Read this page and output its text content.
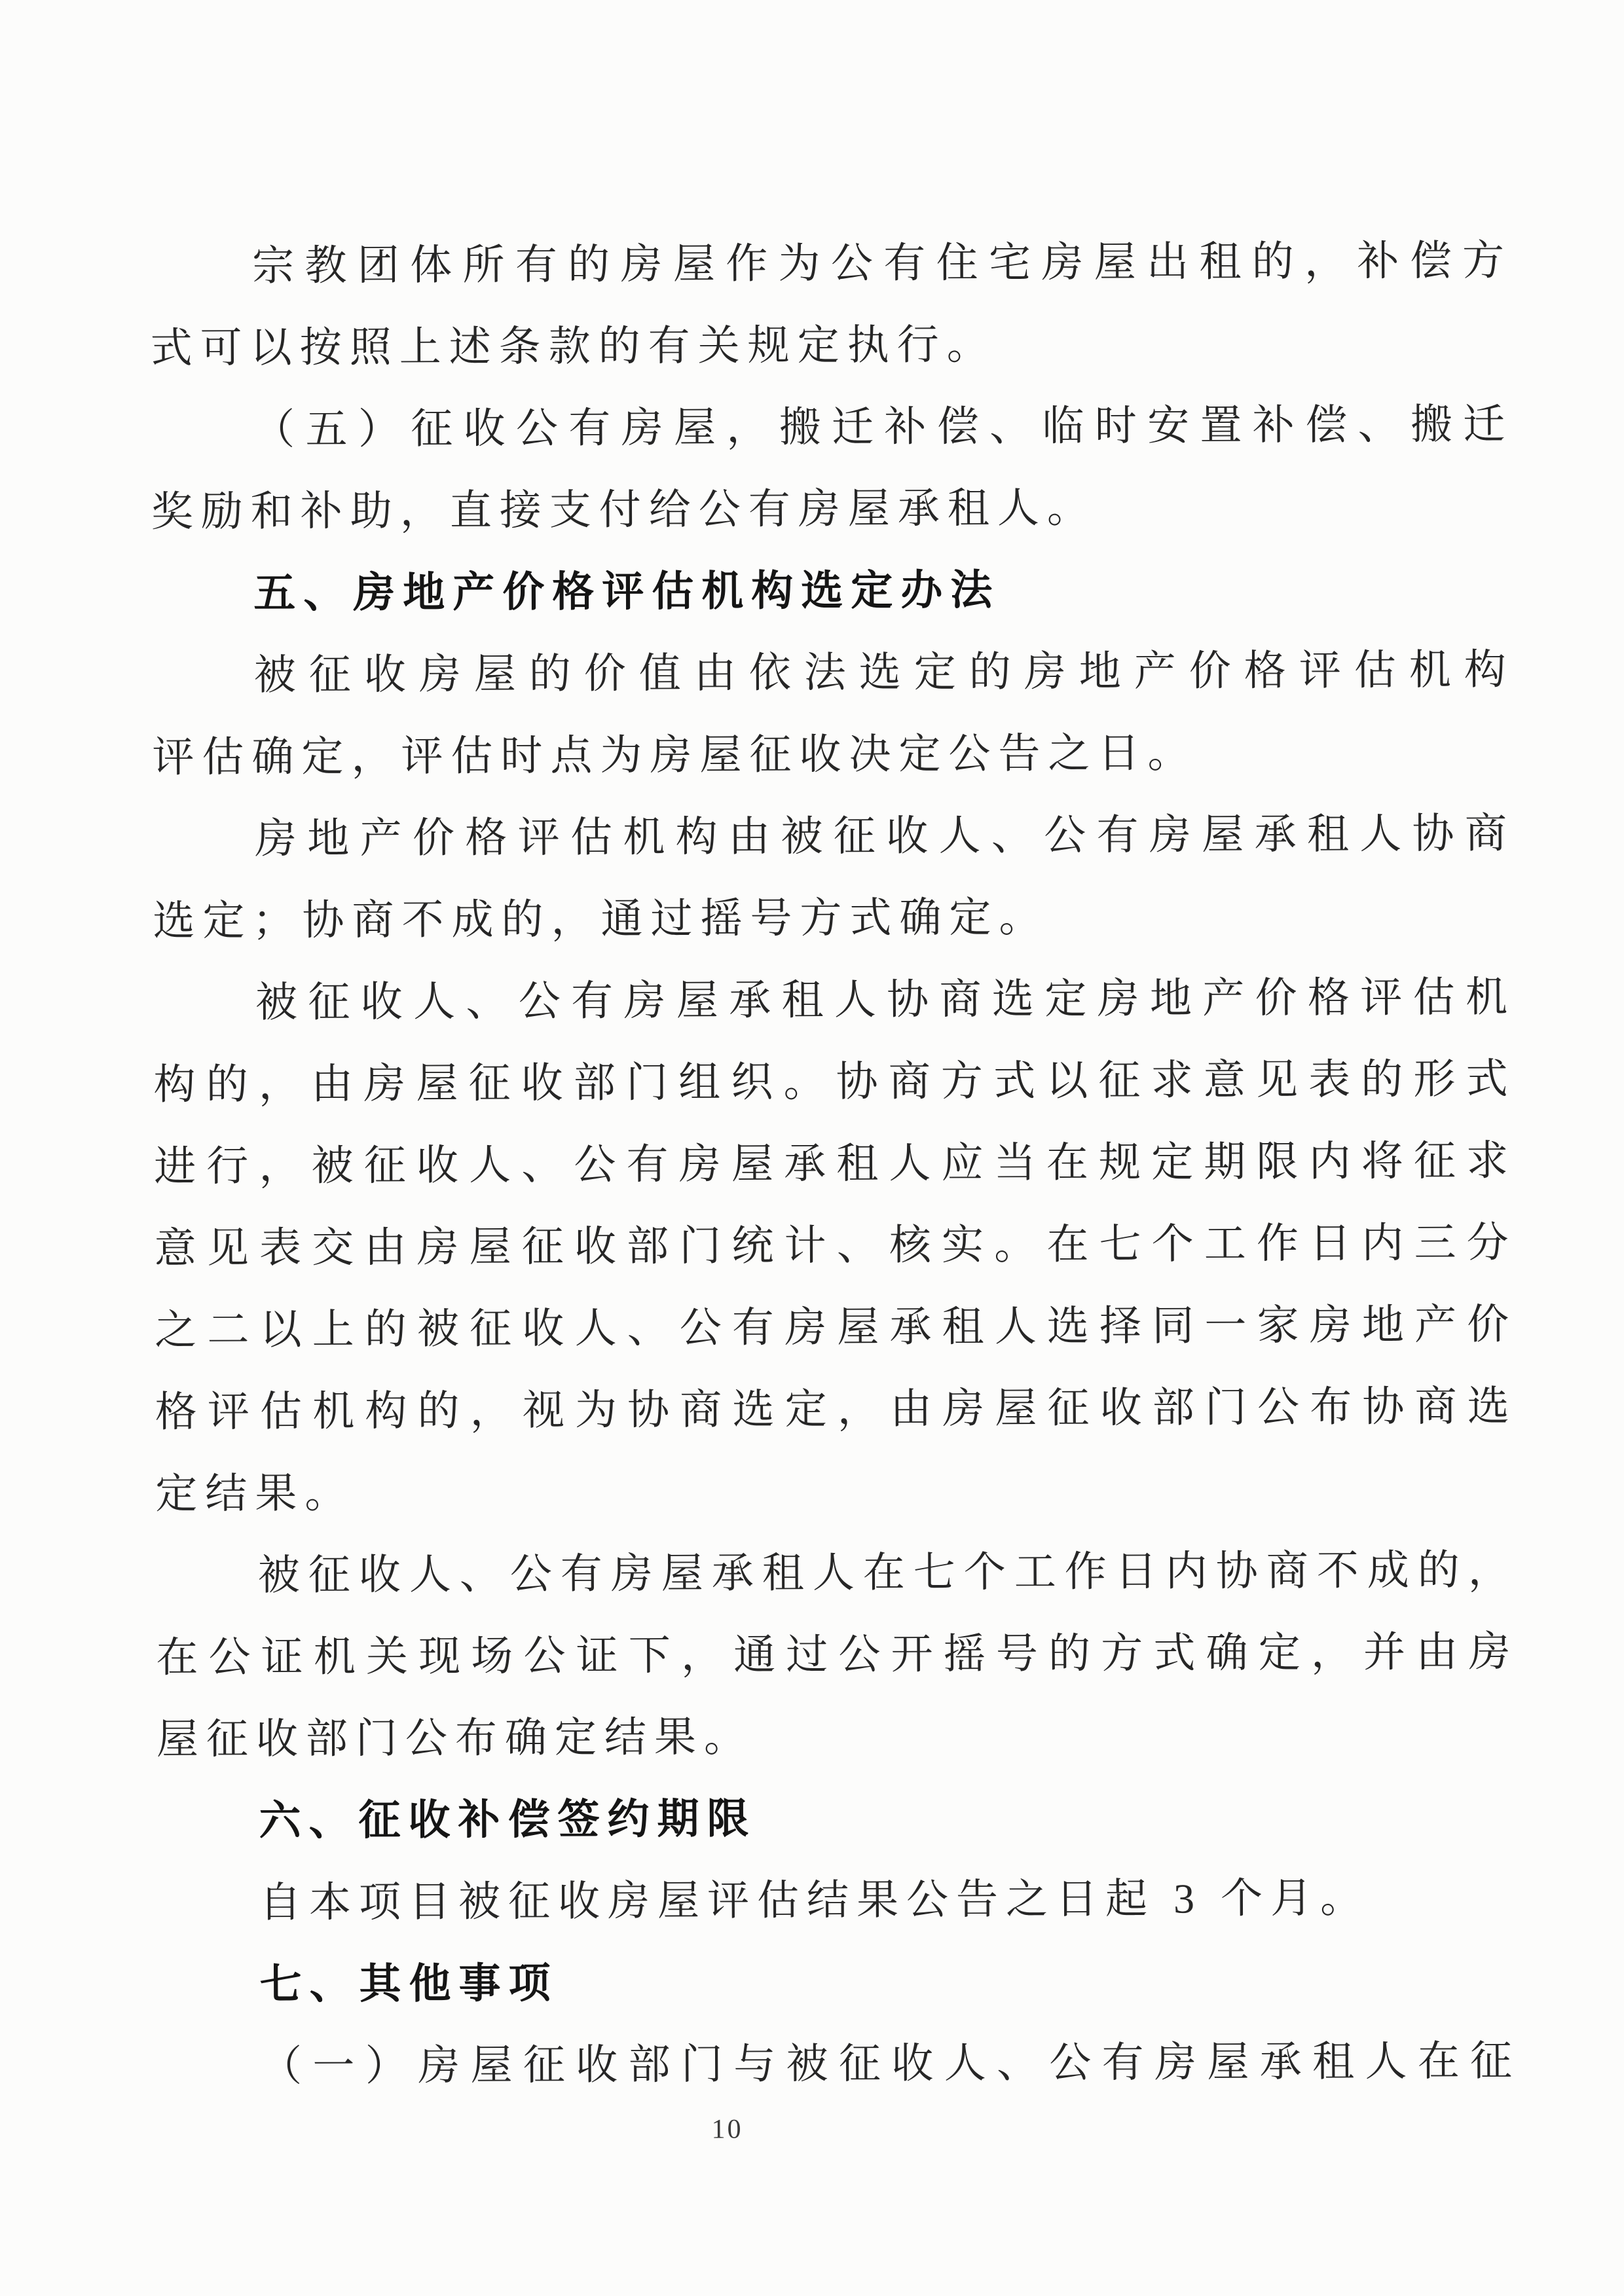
宗教团体所有的房屋作为公有住宅房屋出租的，补偿方
式可以按照上述条款的有关规定执行。
（五）征收公有房屋，搬迁补偿、临时安置补偿、搬迁
奖励和补助，直接支付给公有房屋承租人。
五、房地产价格评估机构选定办法
被征收房屋的价值由依法选定的房地产价格评估机构
评估确定，评估时点为房屋征收决定公告之日。
房地产价格评估机构由被征收人、公有房屋承租人协商
选定；协商不成的，通过摇号方式确定。
被征收人、公有房屋承租人协商选定房地产价格评估机
构的，由房屋征收部门组织。协商方式以征求意见表的形式
进行，被征收人、公有房屋承租人应当在规定期限内将征求
意见表交由房屋征收部门统计、核实。在七个工作日内三分
之二以上的被征收人、公有房屋承租人选择同一家房地产价
格评估机构的，视为协商选定，由房屋征收部门公布协商选
定结果。
被征收人、公有房屋承租人在七个工作日内协商不成的，
在公证机关现场公证下，通过公开摇号的方式确定，并由房
屋征收部门公布确定结果。
六、征收补偿签约期限
自本项目被征收房屋评估结果公告之日起 3 个月。
七、其他事项
（一）房屋征收部门与被征收人、公有房屋承租人在征
10
